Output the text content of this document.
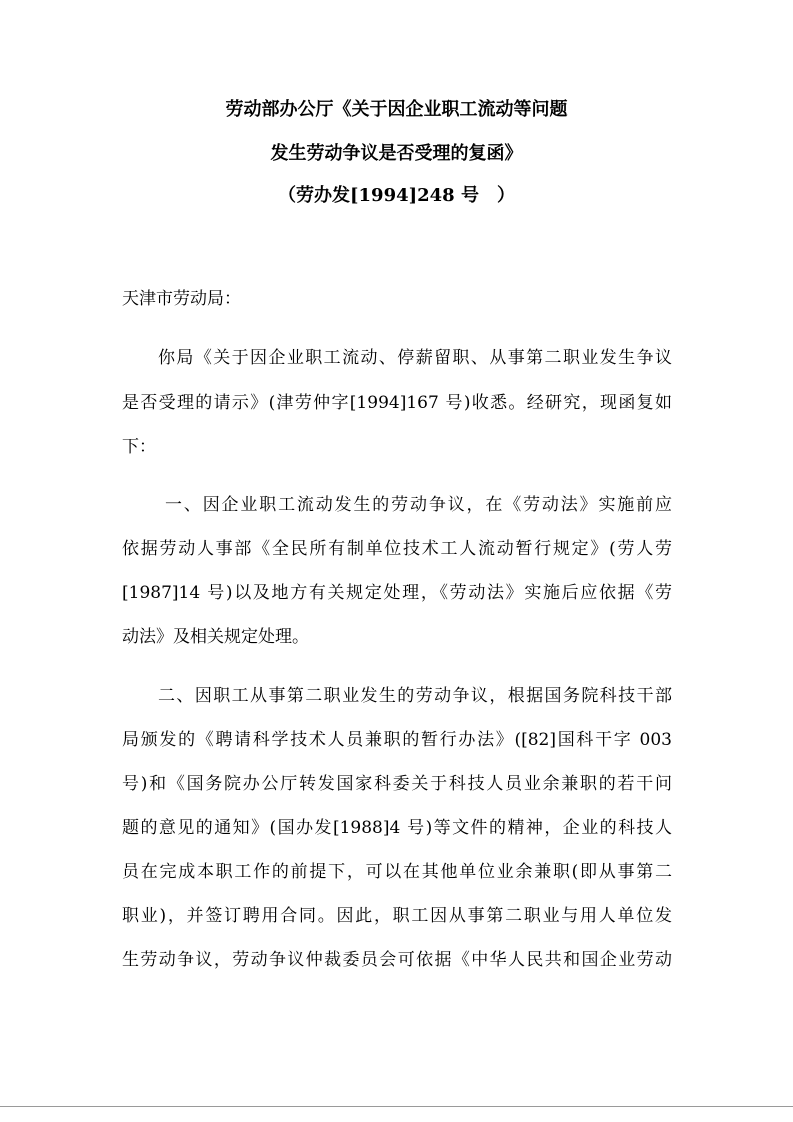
劳动部办公厅《关于因企业职工流动等问题
发生劳动争议是否受理的复函》
（劳办发[1994]248 号　）
天津市劳动局：
你局《关于因企业职工流动、停薪留职、从事第二职业发生争议
是否受理的请示》(津劳仲字[1994]167 号)收悉。经研究，现函复如
下：
一、因企业职工流动发生的劳动争议，在《劳动法》实施前应
依据劳动人事部《全民所有制单位技术工人流动暂行规定》(劳人劳
[1987]14 号)以及地方有关规定处理，《劳动法》实施后应依据《劳
动法》及相关规定处理。
二、因职工从事第二职业发生的劳动争议，根据国务院科技干部
局颁发的《聘请科学技术人员兼职的暂行办法》([82]国科干字 003
号)和《国务院办公厅转发国家科委关于科技人员业余兼职的若干问
题的意见的通知》(国办发[1988]4 号)等文件的精神，企业的科技人
员在完成本职工作的前提下，可以在其他单位业余兼职(即从事第二
职业)，并签订聘用合同。因此，职工因从事第二职业与用人单位发
生劳动争议，劳动争议仲裁委员会可依据《中华人民共和国企业劳动
